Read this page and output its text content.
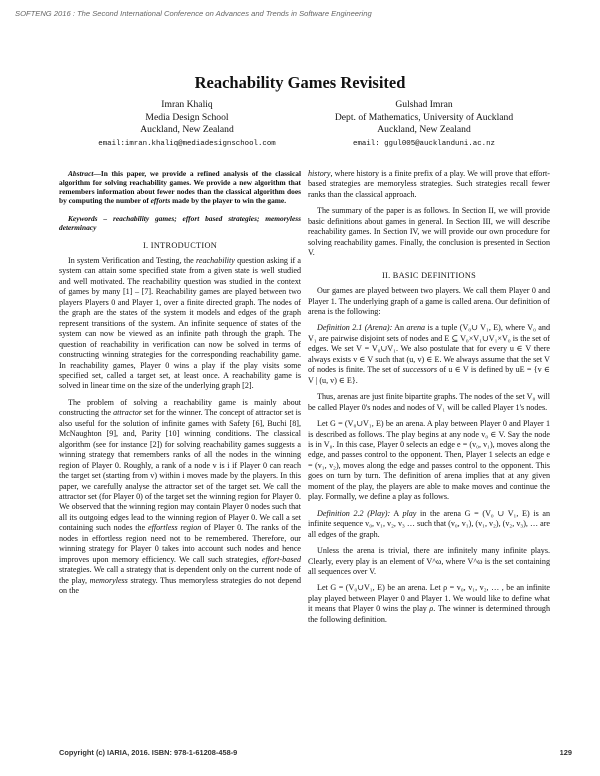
SOFTENG 2016 : The Second International Conference on Advances and Trends in Software Engineering
Reachability Games Revisited
Imran Khaliq
Media Design School
Auckland, New Zealand
email:imran.khaliq@mediadesignschool.com
Gulshad Imran
Dept. of Mathematics, University of Auckland
Auckland, New Zealand
email: ggul005@aucklanduni.ac.nz

Abstract—In this paper, we provide a refined analysis of the classical algorithm for solving reachability games. We provide a new algorithm that remembers information about fewer nodes than the classical algorithm does by computing the number of efforts made by the player to win the game.

Keywords – reachability games; effort based strategies; memoryless determinacy

I. INTRODUCTION

In system Verification and Testing, the reachability question asking if a system can attain some specified state from a given state is well studied and well motivated. The reachability question was studied in the context of games by many [1] – [7]. Reachability games are played between two players Players 0 and Player 1, over a finite directed graph. The nodes of the graph are the states of the system it models and edges of the graph represent transitions of the system. An infinite sequence of states of the system can now be viewed as an infinite path through the graph. The question of reachability in verification can now be solved in terms of constructing winning strategies for the corresponding reachability game. In reachability games, Player 0 wins a play if the play visits some specified set, called a target set, at least once. A reachability game is solved in linear time on the size of the underlying graph [2].

The problem of solving a reachability game is mainly about constructing the attractor set for the winner. The concept of attractor set is also useful for the solution of infinite games with Safety [6], Buchi [8], McNaughton [9], and, Parity [10] winning conditions. The classical algorithm (see for instance [2]) for solving reachability games suggests a winning strategy that remembers ranks of all the nodes in the winning region of Player 0. Roughly, a rank of a node v is i if Player 0 can reach the target set (starting from v) within i moves made by the players. In this paper, we carefully analyse the attractor set of the target set. We call the attractor set (for Player 0) of the target set the winning region for Player 0. We observed that the winning region may contain Player 0 nodes such that all its outgoing edges lead to the winning region of Player 0. We call a set containing such nodes the effortless region of Player 0. The ranks of the nodes in effortless region need not to be remembered. Therefore, our winning strategy for Player 0 takes into account such nodes and hence improves upon memory efficiency. We call such strategies, effort-based strategies. We call a strategy that is dependent only on the current node of the play, memoryless strategy. Thus memoryless strategies do not depend on the

history, where history is a finite prefix of a play. We will prove that effort-based strategies are memoryless strategies. Such strategies recall fewer ranks than the classical approach.

The summary of the paper is as follows. In Section II, we will provide basic definitions about games in general. In Section III, we will describe reachability games. In Section IV, we will provide our own procedure for solving reachability games. Finally, the conclusion is presented in Section V.

II. BASIC DEFINITIONS

Our games are played between two players. We call them Player 0 and Player 1. The underlying graph of a game is called arena. Our definition of arena is the following:

Definition 2.1 (Arena): An arena is a tuple (V₀∪ V₁, E), where V₀ and V₁ are pairwise disjoint sets of nodes and E ⊆ V₀×V₁∪V₁×V₀ is the set of edges. We set V = V₀∪V₁. We also postulate that for every u ∈ V there always exists v ∈ V such that (u, v) ∈ E. We always assume that the set V of nodes is finite. The set of successors of u ∈ V is defined by uE = {v ∈ V | (u, v) ∈ E}.

Thus, arenas are just finite bipartite graphs. The nodes of the set V₀ will be called Player 0's nodes and nodes of V₁ will be called Player 1's nodes.

Let G = (V₀∪V₁, E) be an arena. A play between Player 0 and Player 1 is described as follows. The play begins at any node v₀ ∈ V. Say the node is in V₀. In this case, Player 0 selects an edge e = (v₀, v₁), moves along the edge, and passes control to the opponent. Then, Player 1 selects an edge e = (v₁, v₂), moves along the edge and passes control to the opponent. This goes on turn by turn. The definition of arena implies that at any given moment of the play, the players are able to make moves and continue the play. Formally, we define a play as follows.

Definition 2.2 (Play): A play in the arena G = (V₀ ∪ V₁, E) is an infinite sequence v₀, v₁, v₂, v₃ … such that (v₀, v₁), (v₁, v₂), (v₂, v₃), … are all edges of the graph.

Unless the arena is trivial, there are infinitely many infinite plays. Clearly, every play is an element of V^ω, where V^ω is the set containing all sequences over V.

Let G = (V₀∪V₁, E) be an arena. Let ρ = v₀, v₁, v₂, … , be an infinite play played between Player 0 and Player 1. We would like to define what it means that Player 0 wins the play ρ. The winner is determined through the following definition.

Copyright (c) IARIA, 2016. ISBN: 978-1-61208-458-9	129
